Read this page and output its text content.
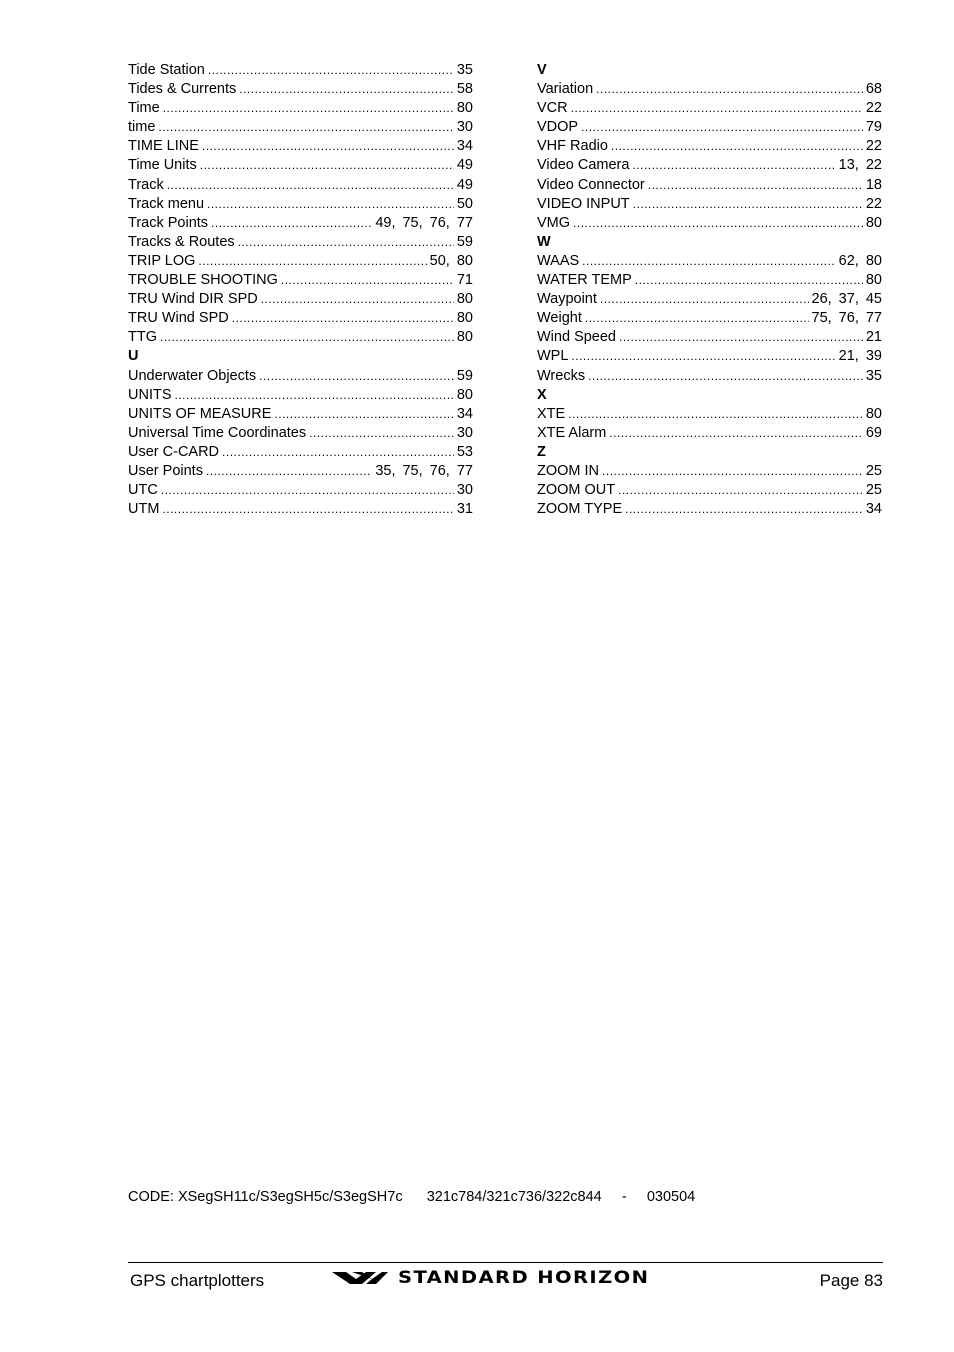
Tide Station .....	35
Tides & Currents .....	58
Time .....	80
time .....	30
TIME LINE .....	34
Time Units .....	49
Track .....	49
Track menu .....	50
Track Points .....	49, 75, 76, 77
Tracks & Routes .....	59
TRIP LOG .....	50, 80
TROUBLE SHOOTING .....	71
TRU Wind DIR SPD .....	80
TRU Wind SPD .....	80
TTG .....	80
U
Underwater Objects .....	59
UNITS .....	80
UNITS OF MEASURE .....	34
Universal Time Coordinates .....	30
User C-CARD .....	53
User Points .....	35, 75, 76, 77
UTC .....	30
UTM .....	31
V
Variation .....	68
VCR .....	22
VDOP .....	79
VHF Radio .....	22
Video Camera .....	13, 22
Video Connector .....	18
VIDEO INPUT .....	22
VMG .....	80
W
WAAS .....	62, 80
WATER TEMP .....	80
Waypoint .....	26, 37, 45
Weight .....	75, 76, 77
Wind Speed .....	21
WPL .....	21, 39
Wrecks .....	35
X
XTE .....	80
XTE Alarm .....	69
Z
ZOOM IN .....	25
ZOOM OUT .....	25
ZOOM TYPE .....	34
CODE: XSegSH11c/S3egSH5c/S3egSH7c      321c784/321c736/322c844     -     030504
GPS chartplotters	STANDARD HORIZON	Page 83
